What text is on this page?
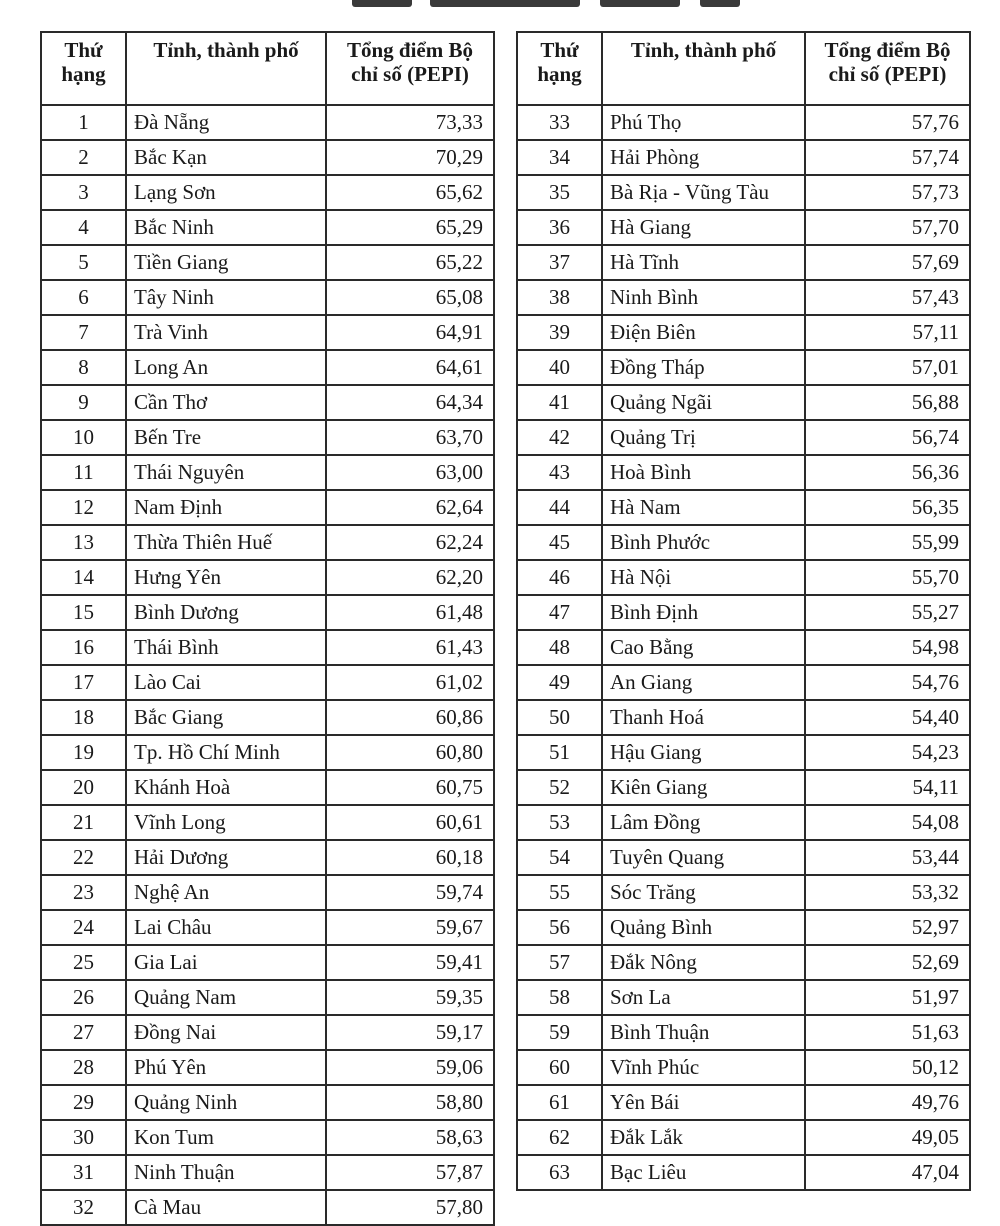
Thứ
hạng	Tỉnh, thành phố	Tổng điểm Bộ
chỉ số (PEPI)

1	Đà Nẵng	73,33
2	Bắc Kạn	70,29
3	Lạng Sơn	65,62
4	Bắc Ninh	65,29
5	Tiền Giang	65,22
6	Tây Ninh	65,08
7	Trà Vinh	64,91
8	Long An	64,61
9	Cần Thơ	64,34
10	Bến Tre	63,70
11	Thái Nguyên	63,00
12	Nam Định	62,64
13	Thừa Thiên Huế	62,24
14	Hưng Yên	62,20
15	Bình Dương	61,48
16	Thái Bình	61,43
17	Lào Cai	61,02
18	Bắc Giang	60,86
19	Tp. Hồ Chí Minh	60,80
20	Khánh Hoà	60,75
21	Vĩnh Long	60,61
22	Hải Dương	60,18
23	Nghệ An	59,74
24	Lai Châu	59,67
25	Gia Lai	59,41
26	Quảng Nam	59,35
27	Đồng Nai	59,17
28	Phú Yên	59,06
29	Quảng Ninh	58,80
30	Kon Tum	58,63
31	Ninh Thuận	57,87
32	Cà Mau	57,80
Thứ
hạng	Tỉnh, thành phố	Tổng điểm Bộ
chỉ số (PEPI)

33	Phú Thọ	57,76
34	Hải Phòng	57,74
35	Bà Rịa - Vũng Tàu	57,73
36	Hà Giang	57,70
37	Hà Tĩnh	57,69
38	Ninh Bình	57,43
39	Điện Biên	57,11
40	Đồng Tháp	57,01
41	Quảng Ngãi	56,88
42	Quảng Trị	56,74
43	Hoà Bình	56,36
44	Hà Nam	56,35
45	Bình Phước	55,99
46	Hà Nội	55,70
47	Bình Định	55,27
48	Cao Bằng	54,98
49	An Giang	54,76
50	Thanh Hoá	54,40
51	Hậu Giang	54,23
52	Kiên Giang	54,11
53	Lâm Đồng	54,08
54	Tuyên Quang	53,44
55	Sóc Trăng	53,32
56	Quảng Bình	52,97
57	Đắk Nông	52,69
58	Sơn La	51,97
59	Bình Thuận	51,63
60	Vĩnh Phúc	50,12
61	Yên Bái	49,76
62	Đắk Lắk	49,05
63	Bạc Liêu	47,04
